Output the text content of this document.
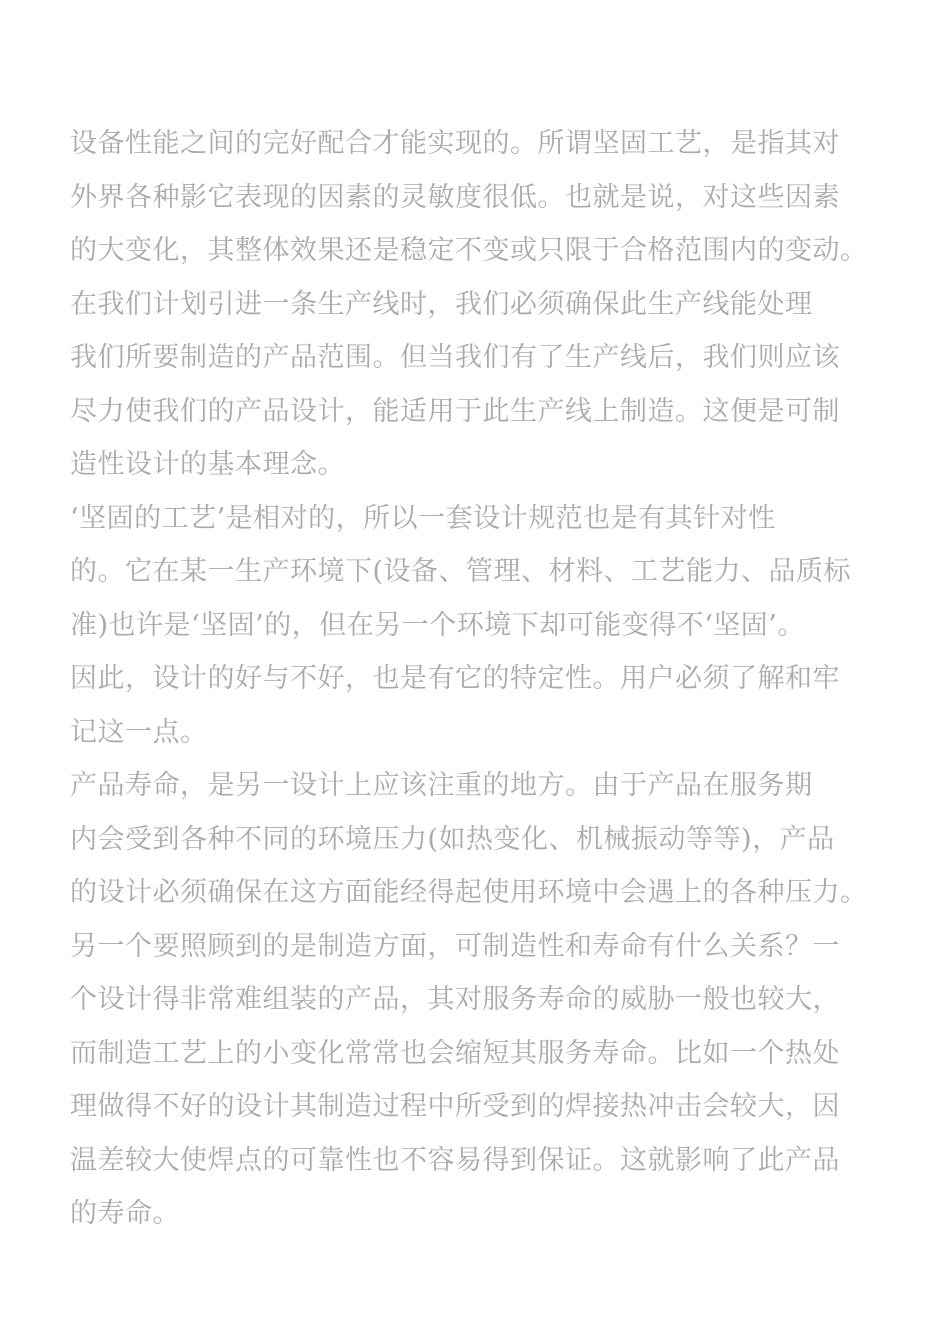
设备性能之间的完好配合才能实现的。所谓坚固工艺，是指其对
外界各种影它表现的因素的灵敏度很低。也就是说，对这些因素
的大变化，其整体效果还是稳定不变或只限于合格范围内的变动。
在我们计划引进一条生产线时，我们必须确保此生产线能处理
我们所要制造的产品范围。但当我们有了生产线后，我们则应该
尽力使我们的产品设计，能适用于此生产线上制造。这便是可制
造性设计的基本理念。
‘坚固的工艺’是相对的，所以一套设计规范也是有其针对性
的。它在某一生产环境下(设备、管理、材料、工艺能力、品质标
准)也许是‘坚固’的，但在另一个环境下却可能变得不‘坚固’。
因此，设计的好与不好，也是有它的特定性。用户必须了解和牢
记这一点。
产品寿命，是另一设计上应该注重的地方。由于产品在服务期
内会受到各种不同的环境压力(如热变化、机械振动等等)，产品
的设计必须确保在这方面能经得起使用环境中会遇上的各种压力。
另一个要照顾到的是制造方面，可制造性和寿命有什么关系？一
个设计得非常难组装的产品，其对服务寿命的威胁一般也较大，
而制造工艺上的小变化常常也会缩短其服务寿命。比如一个热处
理做得不好的设计其制造过程中所受到的焊接热冲击会较大，因
温差较大使焊点的可靠性也不容易得到保证。这就影响了此产品
的寿命。
